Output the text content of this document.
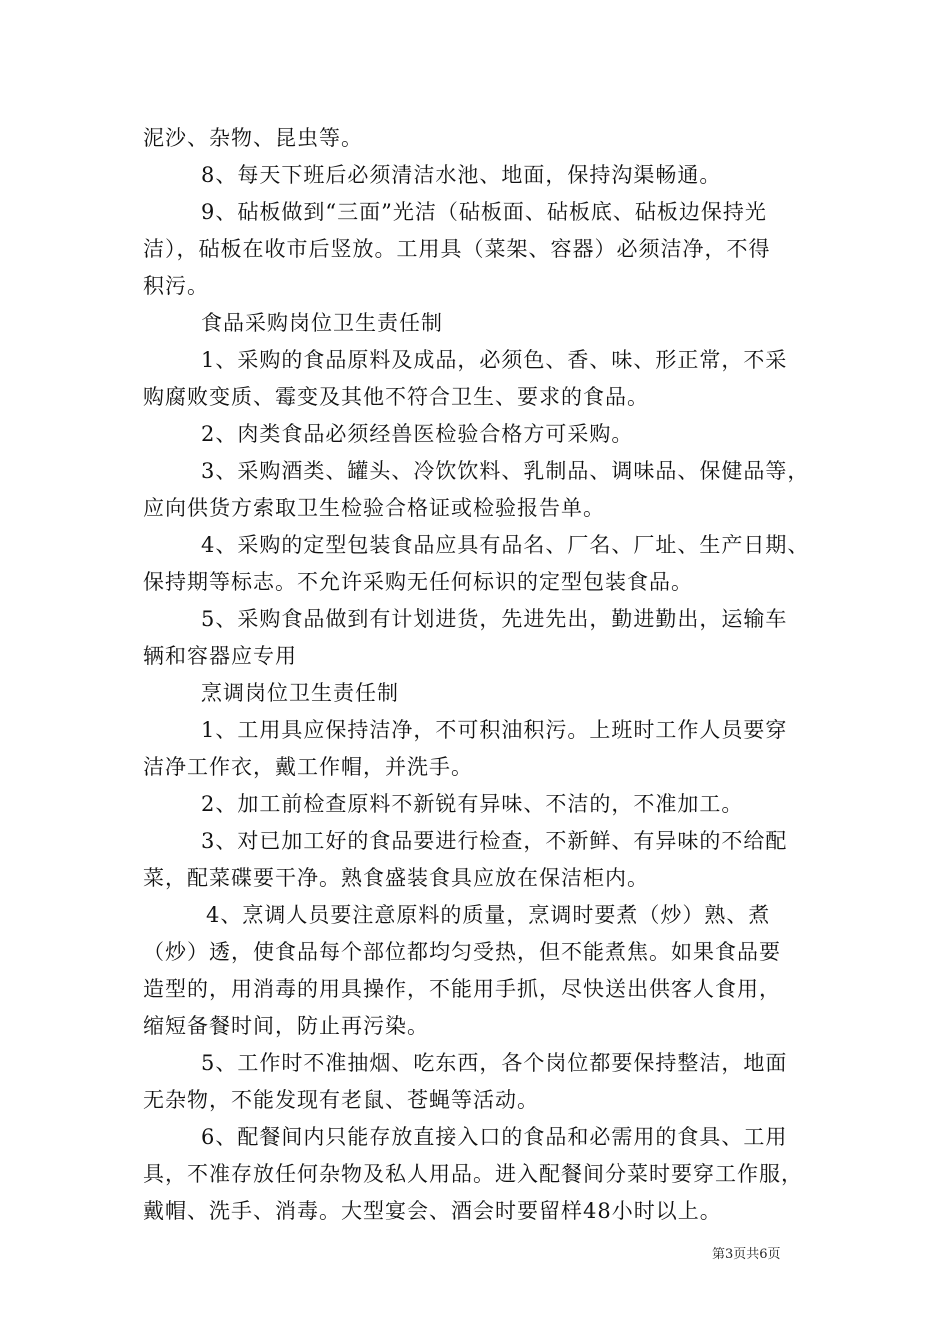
泥沙、杂物、昆虫等。
8、每天下班后必须清洁水池、地面，保持沟渠畅通。
9、砧板做到“三面”光洁（砧板面、砧板底、砧板边保持光
洁），砧板在收市后竖放。工用具（菜架、容器）必须洁净，不得
积污。
食品采购岗位卫生责任制
1、采购的食品原料及成品，必须色、香、味、形正常，不采
购腐败变质、霉变及其他不符合卫生、要求的食品。
2、肉类食品必须经兽医检验合格方可采购。
3、采购酒类、罐头、冷饮饮料、乳制品、调味品、保健品等，
应向供货方索取卫生检验合格证或检验报告单。
4、采购的定型包装食品应具有品名、厂名、厂址、生产日期、
保持期等标志。不允许采购无任何标识的定型包装食品。
5、采购食品做到有计划进货，先进先出，勤进勤出，运输车
辆和容器应专用
烹调岗位卫生责任制
1、工用具应保持洁净，不可积油积污。上班时工作人员要穿
洁净工作衣，戴工作帽，并洗手。
2、加工前检查原料不新锐有异味、不洁的，不准加工。
3、对已加工好的食品要进行检查，不新鲜、有异味的不给配
菜，配菜碟要干净。熟食盛装食具应放在保洁柜内。
4、烹调人员要注意原料的质量，烹调时要煮（炒）熟、煮
（炒）透，使食品每个部位都均匀受热，但不能煮焦。如果食品要
造型的，用消毒的用具操作，不能用手抓，尽快送出供客人食用，
缩短备餐时间，防止再污染。
5、工作时不准抽烟、吃东西，各个岗位都要保持整洁，地面
无杂物，不能发现有老鼠、苍蝇等活动。
6、配餐间内只能存放直接入口的食品和必需用的食具、工用
具，不准存放任何杂物及私人用品。进入配餐间分菜时要穿工作服，
戴帽、洗手、消毒。大型宴会、酒会时要留样48小时以上。
第3页共6页
